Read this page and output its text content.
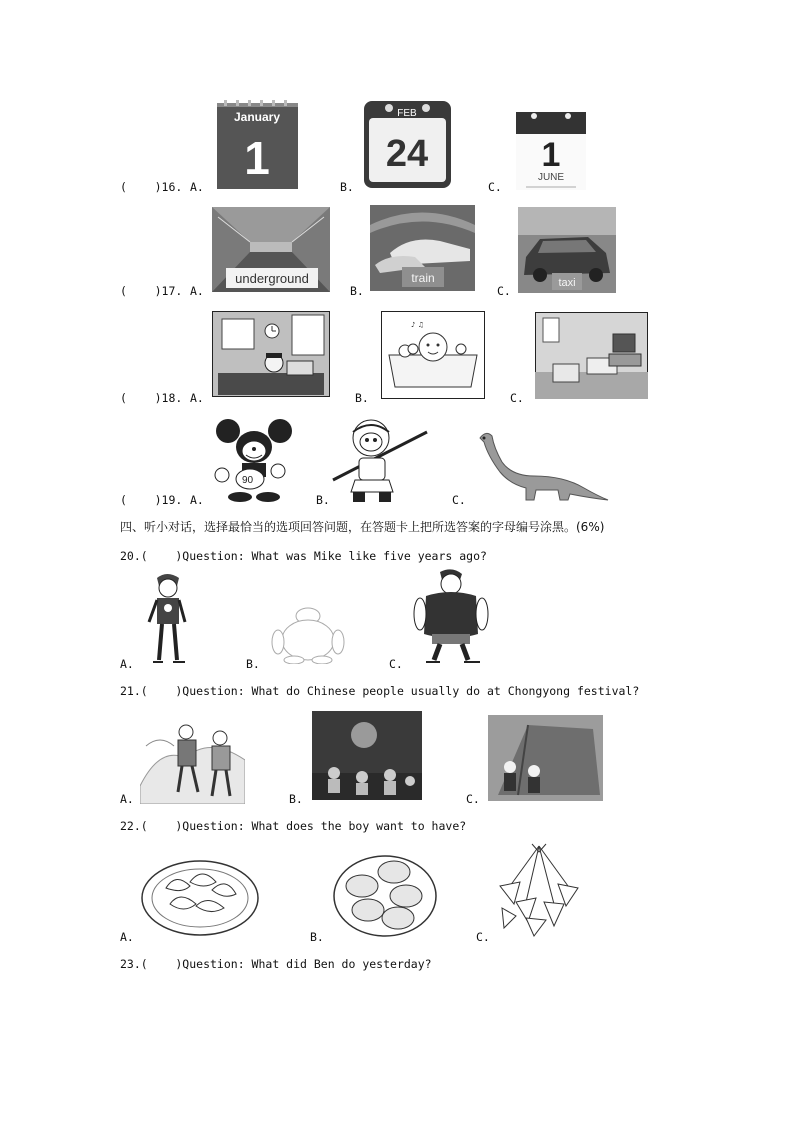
January
1
FEB
24	1
JUNE
(    )16. A.	B.	C.
underground	train	taxi
(    )17. A.	B.	C.
♪ ♫
(    )18. A.	B.	C.
90
(    )19. A.	B.	C.
四、听小对话，选择最恰当的选项回答问题，在答题卡上把所选答案的字母编号涂黑。(6%)
20.(    )Question: What was Mike like five years ago?
A.	B.	C.
21.(    )Question: What do Chinese people usually do at Chongyong festival?
A.	B.	C.
22.(    )Question: What does the boy want to have?
A.	B.	C.
23.(    )Question: What did Ben do yesterday?
